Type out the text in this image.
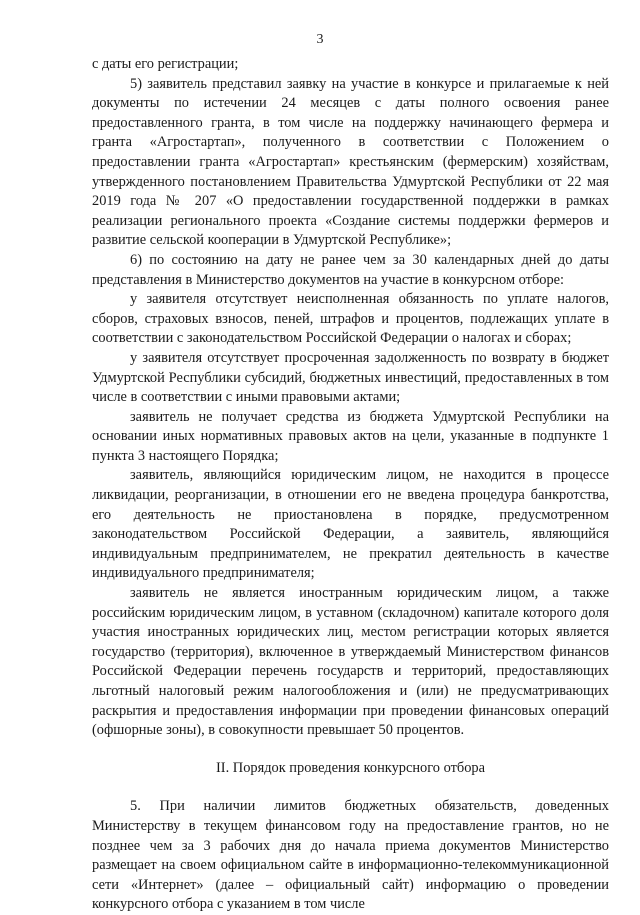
3

с даты его регистрации;

5) заявитель представил заявку на участие в конкурсе и прилагаемые к ней документы по истечении 24 месяцев с даты полного освоения ранее предоставленного гранта, в том числе на поддержку начинающего фермера и гранта «Агростартап», полученного в соответствии с Положением о предоставлении гранта «Агростартап» крестьянским (фермерским) хозяйствам, утвержденного постановлением Правительства Удмуртской Республики от 22 мая 2019 года № 207 «О предоставлении государственной поддержки в рамках реализации регионального проекта «Создание системы поддержки фермеров и развитие сельской кооперации в Удмуртской Республике»;

6) по состоянию на дату не ранее чем за 30 календарных дней до даты представления в Министерство документов на участие в конкурсном отборе:

у заявителя отсутствует неисполненная обязанность по уплате налогов, сборов, страховых взносов, пеней, штрафов и процентов, подлежащих уплате в соответствии с законодательством Российской Федерации о налогах и сборах;

у заявителя отсутствует просроченная задолженность по возврату в бюджет Удмуртской Республики субсидий, бюджетных инвестиций, предоставленных в том числе в соответствии с иными правовыми актами;

заявитель не получает средства из бюджета Удмуртской Республики на основании иных нормативных правовых актов на цели, указанные в подпункте 1 пункта 3 настоящего Порядка;

заявитель, являющийся юридическим лицом, не находится в процессе ликвидации, реорганизации, в отношении его не введена процедура банкротства, его деятельность не приостановлена в порядке, предусмотренном законодательством Российской Федерации, а заявитель, являющийся индивидуальным предпринимателем, не прекратил деятельность в качестве индивидуального предпринимателя;

заявитель не является иностранным юридическим лицом, а также российским юридическим лицом, в уставном (складочном) капитале которого доля участия иностранных юридических лиц, местом регистрации которых является государство (территория), включенное в утверждаемый Министерством финансов Российской Федерации перечень государств и территорий, предоставляющих льготный налоговый режим налогообложения и (или) не предусматривающих раскрытия и предоставления информации при проведении финансовых операций (офшорные зоны), в совокупности превышает 50 процентов.

II. Порядок проведения конкурсного отбора

5. При наличии лимитов бюджетных обязательств, доведенных Министерству в текущем финансовом году на предоставление грантов, но не позднее чем за 3 рабочих дня до начала приема документов Министерство размещает на своем официальном сайте в информационно-телекоммуникационной сети «Интернет» (далее – официальный сайт) информацию о проведении конкурсного отбора с указанием в том числе
